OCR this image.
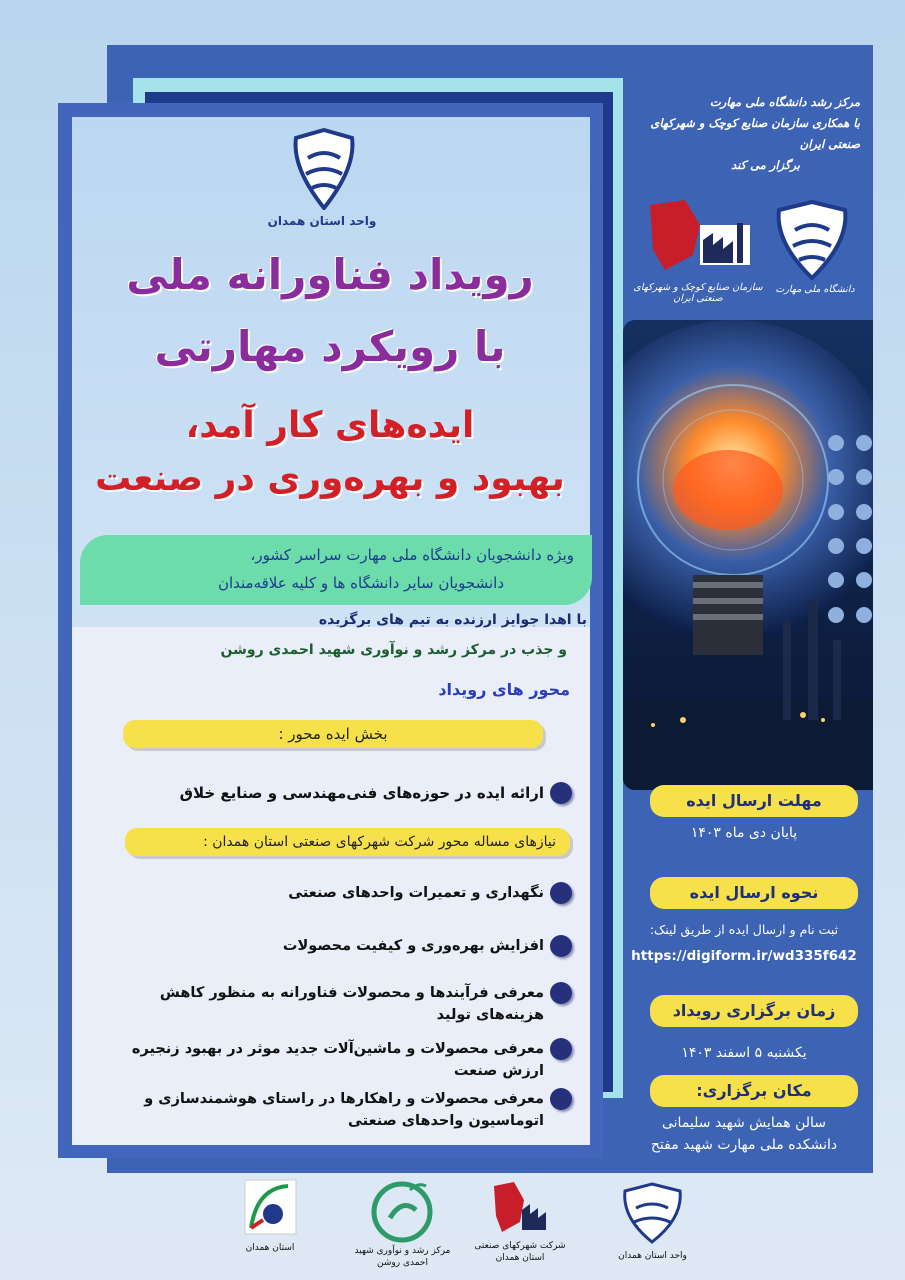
واحد استان همدان
رویداد فناورانه ملی
با رویکرد مهارتی
ایده‌های کار آمد،
بهبود و بهره‌وری در صنعت
ویژه دانشجویان دانشگاه ملی مهارت سراسر کشور،
دانشجویان سایر دانشگاه ها و کلیه علاقه‌مندان
با اهدا جوایز ارزنده به تیم های برگزیده
و جذب در مرکز رشد و نوآوری شهید احمدی روشن
محور های رویداد
بخش ایده محور :
ارائه ایده در حوزه‌های فنی‌مهندسی و صنایع خلاق
نیازهای مساله محور شرکت شهرکهای صنعتی استان همدان :
نگهداری و تعمیرات واحدهای صنعتی
افزایش بهره‌وری و کیفیت محصولات
معرفی فرآیندها و محصولات فناورانه به منظور کاهش هزینه‌های تولید
معرفی محصولات و ماشین‌آلات جدید موثر در بهبود زنجیره ارزش صنعت
معرفی محصولات و راهکارها در راستای هوشمندسازی و اتوماسیون واحدهای صنعتی
مرکز رشد دانشگاه ملی مهارت
با همکاری سازمان صنایع کوچک و شهرکهای صنعتی ایران
برگزار می کند
سازمان صنایع کوچک و شهرکهای صنعتی ایران
دانشگاه ملی مهارت
مهلت ارسال ایده
پایان دی ماه ۱۴۰۳
نحوه ارسال ایده
ثبت نام و ارسال ایده از طریق لینک:
https://digiform.ir/wd335f642
زمان برگزاری رویداد
یکشنبه ۵ اسفند ۱۴۰۳
مکان برگزاری:
سالن همایش شهید سلیمانی
دانشکده ملی مهارت شهید مفتح
واحد استان همدان
شرکت شهرکهای صنعتی استان همدان
مرکز رشد و نوآوری شهید احمدی روشن
استان همدان
